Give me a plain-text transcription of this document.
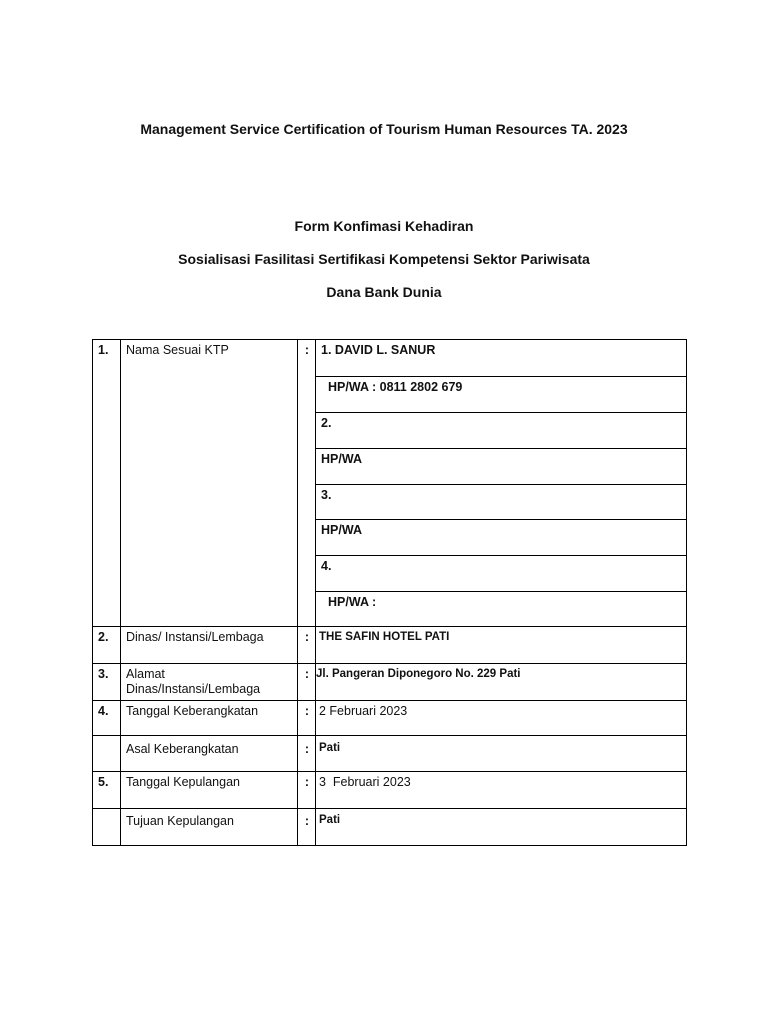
Management Service Certification of Tourism Human Resources TA. 2023
Form Konfimasi Kehadiran
Sosialisasi Fasilitasi Sertifikasi Kompetensi Sektor Pariwisata
Dana Bank Dunia
1.	Nama Sesuai KTP	:	1. DAVID L. SANUR
			HP/WA : 0811 2802 679
			2.
			HP/WA
			3.
			HP/WA
			4.
			HP/WA :
2.	Dinas/ Instansi/Lembaga	:	THE SAFIN HOTEL PATI
3.	Alamat
Dinas/Instansi/Lembaga	:	Jl. Pangeran Diponegoro No. 229 Pati
4.	Tanggal Keberangkatan	:	2 Februari 2023
	Asal Keberangkatan	:	Pati
5.	Tanggal Kepulangan	:	3  Februari 2023
	Tujuan Kepulangan	:	Pati
